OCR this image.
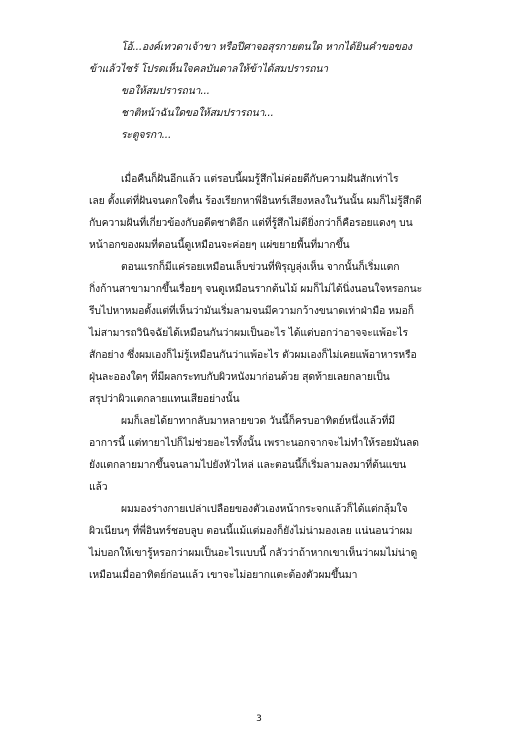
โอ้...องค์เทวดาเจ้าขา หรือปีศาจอสุรกายตนใด หากได้ยินคำขอของ
ข้าแล้วไซร้ โปรดเห็นใจคลบันดาลให้ข้าได้สมปรารถนา
ขอให้สมปรารถนา...
ชาติหน้าฉันใดขอให้สมปรารถนา...
ระตูจรกา...
เมื่อคืนก็ฝันอีกแล้ว แต่รอบนี้ผมรู้สึกไม่ค่อยดีกับความฝันสักเท่าไร
เลย ตั้งแต่ที่ฝันจนตกใจตื่น ร้องเรียกหาพี่อินทร์เสียงหลงในวันนั้น ผมก็ไม่รู้สึกดี
กับความฝันที่เกี่ยวข้องกับอดีตชาติอีก แต่ที่รู้สึกไม่ดียิ่งกว่าก็คือรอยแดงๆ บน
หน้าอกของผมที่ตอนนี้ดูเหมือนจะค่อยๆ แผ่ขยายพื้นที่มากขึ้น
ตอนแรกก็มีแค่รอยเหมือนเล็บข่วนที่พิรุญลุ่งเห็น จากนั้นก็เริ่มแตก
กิ่งก้านสาขามากขึ้นเรื่อยๆ จนดูเหมือนรากต้นไม้ ผมก็ไม่ได้นิ่งนอนใจหรอกนะ
รีบไปหาหมอตั้งแต่ที่เห็นว่ามันเริ่มลามจนมีความกว้างขนาดเท่าฝ่ามือ หมอก็
ไม่สามารถวินิจฉัยได้เหมือนกันว่าผมเป็นอะไร ได้แต่บอกว่าอาจจะแพ้อะไร
สักอย่าง ซึ่งผมเองก็ไม่รู้เหมือนกันว่าแพ้อะไร ตัวผมเองก็ไม่เคยแพ้อาหารหรือ
ฝุ่นละอองใดๆ ที่มีผลกระทบกับผิวหนังมาก่อนด้วย สุดท้ายเลยกลายเป็น
สรุปว่าผิวแตกลายแทนเสียอย่างนั้น
ผมก็เลยได้ยาทากลับมาหลายขวด วันนี้ก็ครบอาทิตย์หนึ่งแล้วที่มี
อาการนี้ แต่ทายาไปก็ไม่ช่วยอะไรทั้งนั้น เพราะนอกจากจะไม่ทำให้รอยมันลด
ยังแตกลายมากขึ้นจนลามไปยังหัวไหล่ และตอนนี้ก็เริ่มลามลงมาที่ต้นแขน
แล้ว
ผมมองร่างกายเปล่าเปลือยของตัวเองหน้ากระจกแล้วก็ได้แต่กลุ้มใจ
ผิวเนียนๆ ที่พี่อินทร์ชอบลูบ ตอนนี้แม้แต่มองก็ยังไม่น่ามองเลย แน่นอนว่าผม
ไม่บอกให้เขารู้หรอกว่าผมเป็นอะไรแบบนี้ กลัวว่าถ้าหากเขาเห็นว่าผมไม่น่าดู
เหมือนเมื่ออาทิตย์ก่อนแล้ว เขาจะไม่อยากแตะต้องตัวผมขึ้นมา
3
